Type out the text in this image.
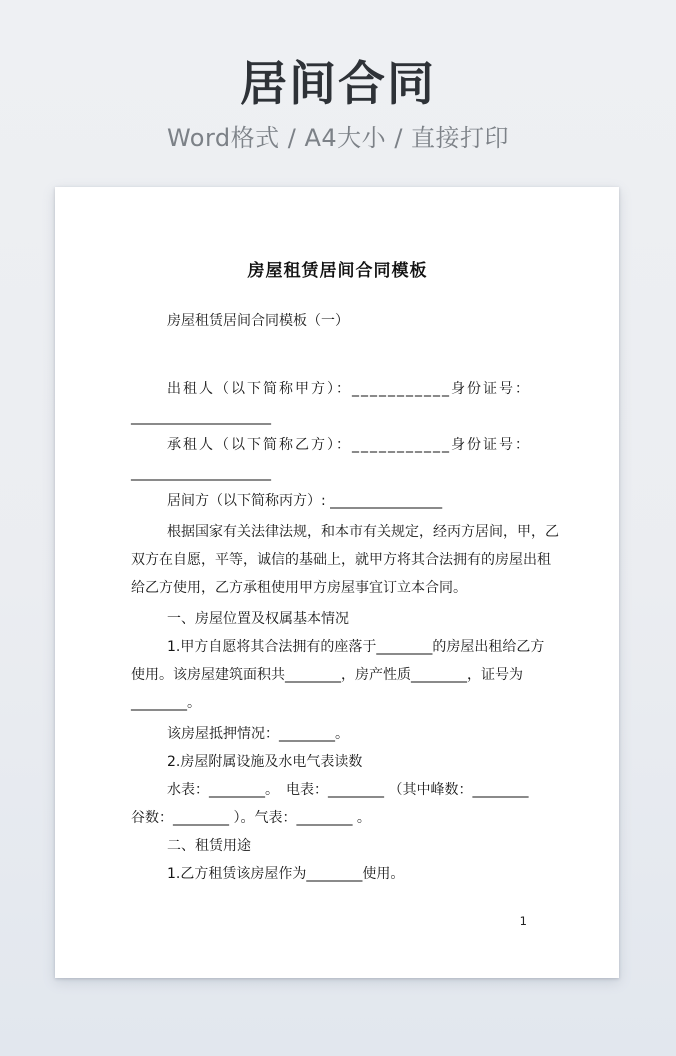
居间合同
Word格式 / A4大小 / 直接打印
房屋租赁居间合同模板
房屋租赁居间合同模板（一）
出租人（以下简称甲方）：___________身份证号：
____________________
承租人（以下简称乙方）：___________身份证号：
____________________
居间方（以下简称丙方）: ________________
根据国家有关法律法规，和本市有关规定，经丙方居间，甲，乙
双方在自愿，平等，诚信的基础上，就甲方将其合法拥有的房屋出租
给乙方使用，乙方承租使用甲方房屋事宜订立本合同。
一、房屋位置及权属基本情况
1.甲方自愿将其合法拥有的座落于________的房屋出租给乙方
使用。该房屋建筑面积共________，房产性质________，证号为
________。
该房屋抵押情况：________。
2.房屋附属设施及水电气表读数
水表：________。　电表：________ （其中峰数：________
谷数：________ ）。气表：________ 。
二、租赁用途
1.乙方租赁该房屋作为________使用。
1
